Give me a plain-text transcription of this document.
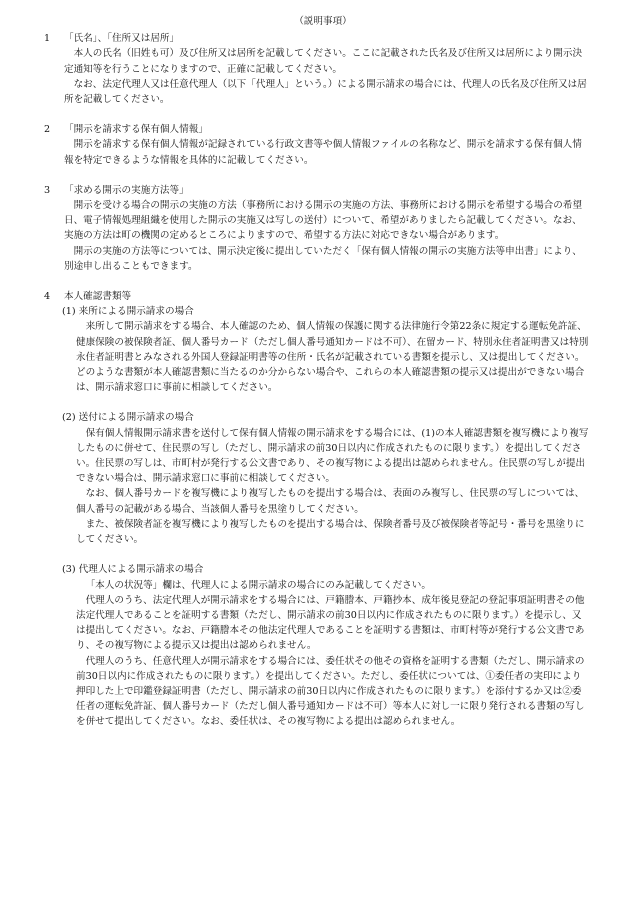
（説明事項）

1	「氏名」、「住所又は居所」

本人の氏名（旧姓も可）及び住所又は居所を記載してください。ここに記載された氏名及び住所又は居所により開示決定通知等を行うことになりますので、正確に記載してください。

なお、法定代理人又は任意代理人（以下「代理人」という。）による開示請求の場合には、代理人の氏名及び住所又は居所を記載してください。

2	「開示を請求する保有個人情報」

開示を請求する保有個人情報が記録されている行政文書等や個人情報ファイルの名称など、開示を請求する保有個人情報を特定できるような情報を具体的に記載してください。

3	「求める開示の実施方法等」

開示を受ける場合の開示の実施の方法（事務所における開示の実施の方法、事務所における開示を希望する場合の希望日、電子情報処理組織を使用した開示の実施又は写しの送付）について、希望がありましたら記載してください。なお、実施の方法は町の機関の定めるところによりますので、希望する方法に対応できない場合があります。

開示の実施の方法等については、開示決定後に提出していただく「保有個人情報の開示の実施方法等申出書」により、別途申し出ることもできます。

4	本人確認書類等

(1) 来所による開示請求の場合

来所して開示請求をする場合、本人確認のため、個人情報の保護に関する法律施行令第22条に規定する運転免許証、健康保険の被保険者証、個人番号カード（ただし個人番号通知カードは不可）、在留カード、特別永住者証明書又は特別永住者証明書とみなされる外国人登録証明書等の住所・氏名が記載されている書類を提示し、又は提出してください。どのような書類が本人確認書類に当たるのか分からない場合や、これらの本人確認書類の提示又は提出ができない場合は、開示請求窓口に事前に相談してください。

(2) 送付による開示請求の場合

保有個人情報開示請求書を送付して保有個人情報の開示請求をする場合には、(1)の本人確認書類を複写機により複写したものに併せて、住民票の写し（ただし、開示請求の前30日以内に作成されたものに限ります。）を提出してください。住民票の写しは、市町村が発行する公文書であり、その複写物による提出は認められません。住民票の写しが提出できない場合は、開示請求窓口に事前に相談してください。

なお、個人番号カードを複写機により複写したものを提出する場合は、表面のみ複写し、住民票の写しについては、個人番号の記載がある場合、当該個人番号を黒塗りしてください。

また、被保険者証を複写機により複写したものを提出する場合は、保険者番号及び被保険者等記号・番号を黒塗りにしてください。

(3) 代理人による開示請求の場合

「本人の状況等」欄は、代理人による開示請求の場合にのみ記載してください。

代理人のうち、法定代理人が開示請求をする場合には、戸籍謄本、戸籍抄本、成年後見登記の登記事項証明書その他法定代理人であることを証明する書類（ただし、開示請求の前30日以内に作成されたものに限ります。）を提示し、又は提出してください。なお、戸籍謄本その他法定代理人であることを証明する書類は、市町村等が発行する公文書であり、その複写物による提示又は提出は認められません。

代理人のうち、任意代理人が開示請求をする場合には、委任状その他その資格を証明する書類（ただし、開示請求の前30日以内に作成されたものに限ります。）を提出してください。ただし、委任状については、①委任者の実印により押印した上で印鑑登録証明書（ただし、開示請求の前30日以内に作成されたものに限ります。）を添付するか又は②委任者の運転免許証、個人番号カード（ただし個人番号通知カードは不可）等本人に対し一に限り発行される書類の写しを併せて提出してください。なお、委任状は、その複写物による提出は認められません。
